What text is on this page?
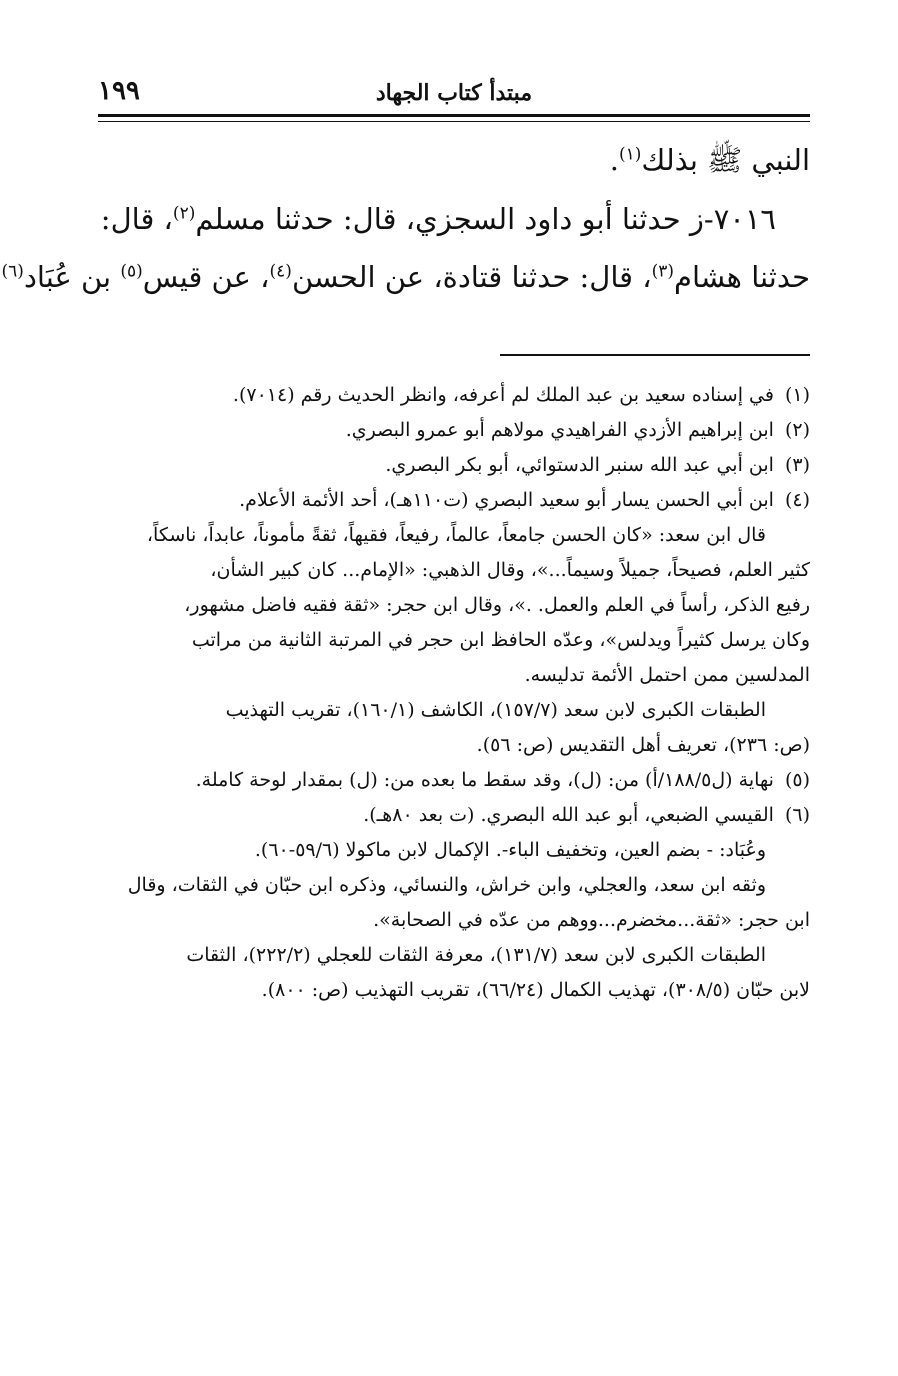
١٩٩	مبتدأ كتاب الجهاد
النبي ﷺ بذلك$^{(١)}$.
٧٠١٦-ز حدثنا أبو داود السجزي، قال: حدثنا مسلم$^{(٢)}$، قال:
حدثنا هشام$^{(٣)}$، قال: حدثنا قتادة، عن الحسن$^{(٤)}$، عن قيس$^{(٥)}$ بن عُبَاد$^{(٦)}$
(١) في إسناده سعيد بن عبد الملك لم أعرفه، وانظر الحديث رقم (٧٠١٤).
(٢) ابن إبراهيم الأزدي الفراهيدي مولاهم أبو عمرو البصري.
(٣) ابن أبي عبد الله سنبر الدستوائي، أبو بكر البصري.
(٤) ابن أبي الحسن يسار أبو سعيد البصري (ت١١٠هـ)، أحد الأئمة الأعلام.
قال ابن سعد: «كان الحسن جامعاً، عالماً، رفيعاً، فقيهاً، ثقةً مأموناً، عابداً، ناسكاً،
كثير العلم، فصيحاً، جميلاً وسيماً...»، وقال الذهبي: «الإمام... كان كبير الشأن،
رفيع الذكر، رأساً في العلم والعمل. .»، وقال ابن حجر: «ثقة فقيه فاضل مشهور،
وكان يرسل كثيراً ويدلس»، وعدّه الحافظ ابن حجر في المرتبة الثانية من مراتب
المدلسين ممن احتمل الأئمة تدليسه.
الطبقات الكبرى لابن سعد (١٥٧/٧)، الكاشف (١٦٠/١)، تقريب التهذيب
(ص: ٢٣٦)، تعريف أهل التقديس (ص: ٥٦).
(٥) نهاية (ل١٨٨/٥/أ) من: (ل)، وقد سقط ما بعده من: (ل) بمقدار لوحة كاملة.
(٦) القيسي الضبعي، أبو عبد الله البصري. (ت بعد ٨٠هـ).
وعُبَاد: - بضم العين، وتخفيف الباء-. الإكمال لابن ماكولا (٥٩/٦-٦٠).
وثقه ابن سعد، والعجلي، وابن خراش، والنسائي، وذكره ابن حبّان في الثقات، وقال
ابن حجر: «ثقة...مخضرم...ووهم من عدّه في الصحابة».
الطبقات الكبرى لابن سعد (١٣١/٧)، معرفة الثقات للعجلي (٢٢٢/٢)، الثقات
لابن حبّان (٣٠٨/٥)، تهذيب الكمال (٦٦/٢٤)، تقريب التهذيب (ص: ٨٠٠).
